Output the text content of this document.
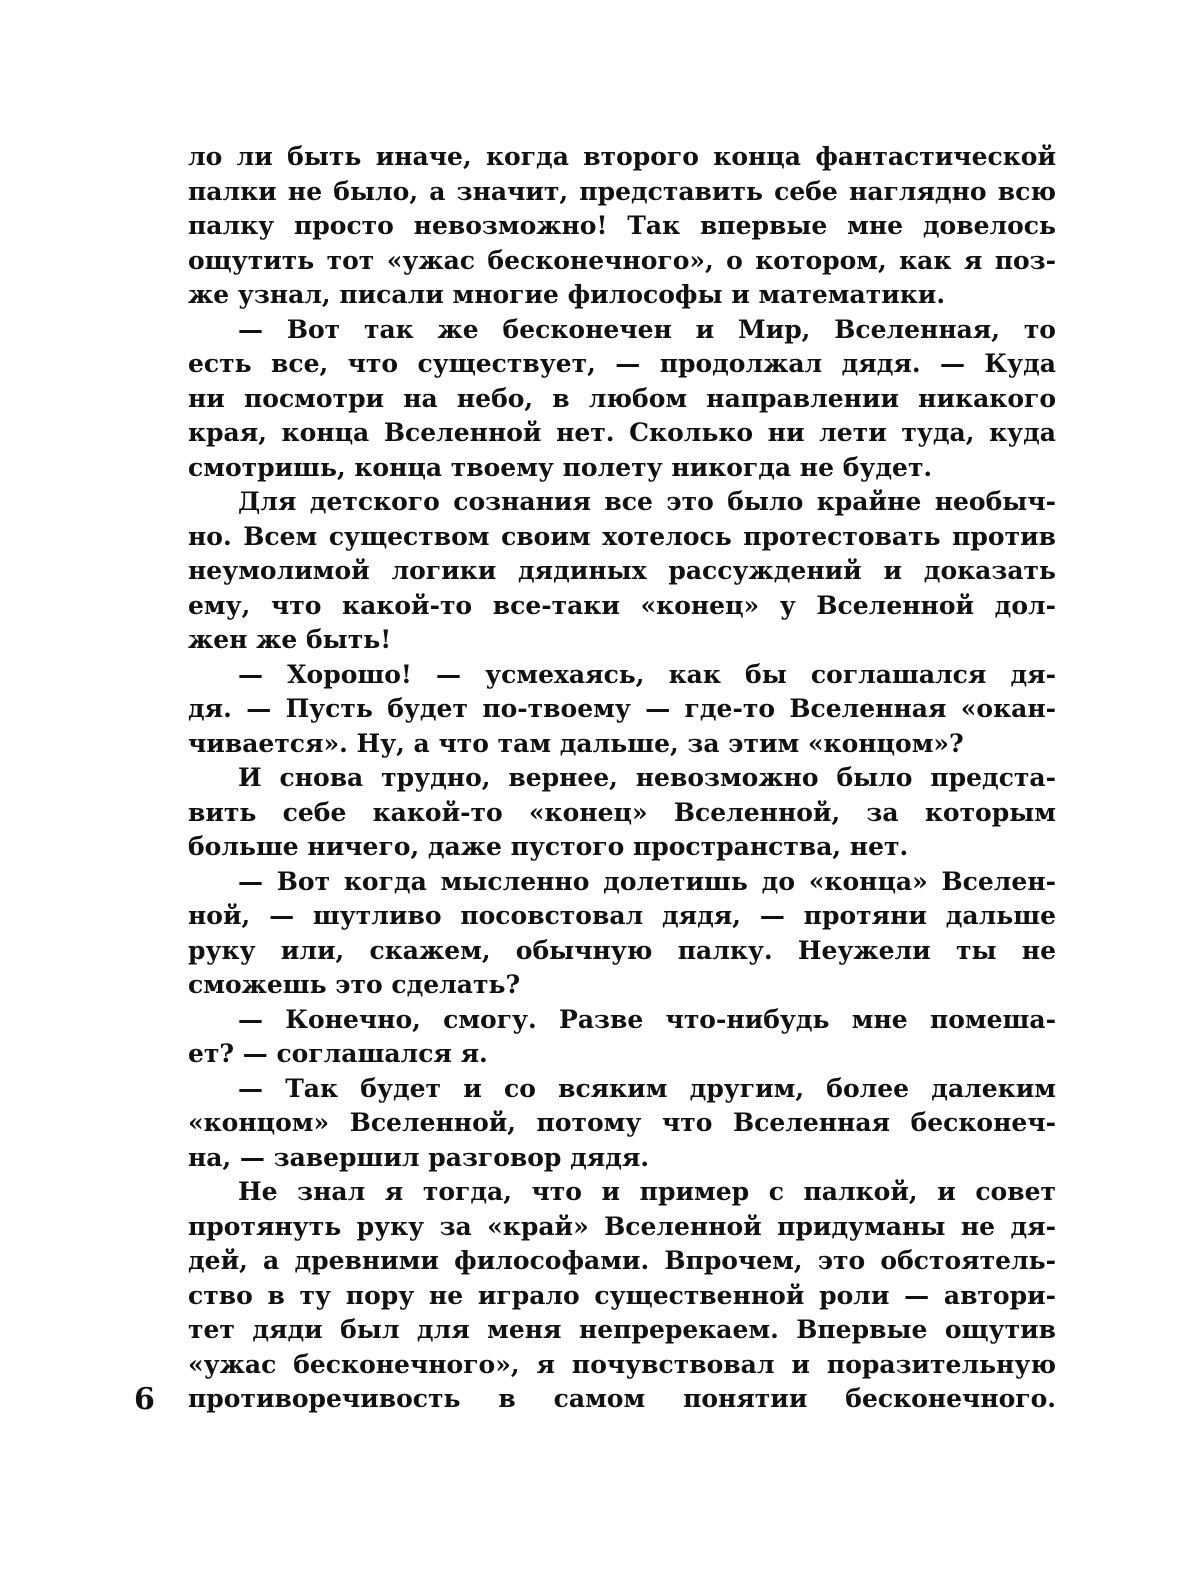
ло ли быть иначе, когда второго конца фантастической
палки не было, а значит, представить себе наглядно всю
палку просто невозможно! Так впервые мне довелось
ощутить тот «ужас бесконечного», о котором, как я поз-
же узнал, писали многие философы и математики.
— Вот так же бесконечен и Мир, Вселенная, то
есть все, что существует, — продолжал дядя. — Куда
ни посмотри на небо, в любом направлении никакого
края, конца Вселенной нет. Сколько ни лети туда, куда
смотришь, конца твоему полету никогда не будет.
Для детского сознания все это было крайне необыч-
но. Всем существом своим хотелось протестовать против
неумолимой логики дядиных рассуждений и доказать
ему, что какой-то все-таки «конец» у Вселенной дол-
жен же быть!
— Хорошо! — усмехаясь, как бы соглашался дя-
дя. — Пусть будет по-твоему — где-то Вселенная «окан-
чивается». Ну, а что там дальше, за этим «концом»?
И снова трудно, вернее, невозможно было предста-
вить себе какой-то «конец» Вселенной, за которым
больше ничего, даже пустого пространства, нет.
— Вот когда мысленно долетишь до «конца» Вселен-
ной, — шутливо посовстовал дядя, — протяни дальше
руку или, скажем, обычную палку. Неужели ты не
сможешь это сделать?
— Конечно, смогу. Разве что-нибудь мне помеша-
ет? — соглашался я.
— Так будет и со всяким другим, более далеким
«концом» Вселенной, потому что Вселенная бесконеч-
на, — завершил разговор дядя.
Не знал я тогда, что и пример с палкой, и совет
протянуть руку за «край» Вселенной придуманы не дя-
дей, а древними философами. Впрочем, это обстоятель-
ство в ту пору не играло существенной роли — автори-
тет дяди был для меня непререкаем. Впервые ощутив
«ужас бесконечного», я почувствовал и поразительную
противоречивость в самом понятии бесконечного.
6
